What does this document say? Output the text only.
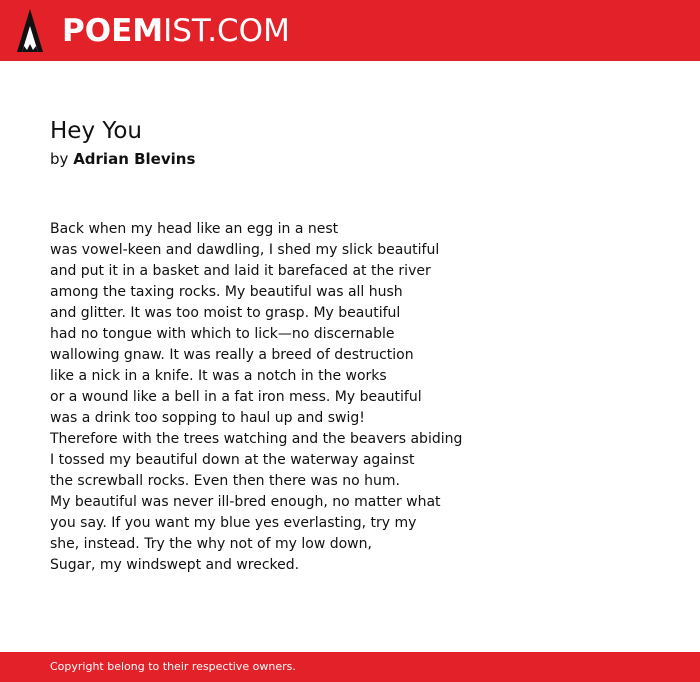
POEMIST.COM
Hey You
by Adrian Blevins
Back when my head like an egg in a nest
was vowel-keen and dawdling, I shed my slick beautiful
and put it in a basket and laid it barefaced at the river
among the taxing rocks. My beautiful was all hush
and glitter. It was too moist to grasp. My beautiful
had no tongue with which to lick—no discernable
wallowing gnaw. It was really a breed of destruction
like a nick in a knife. It was a notch in the works
or a wound like a bell in a fat iron mess. My beautiful
was a drink too sopping to haul up and swig!
Therefore with the trees watching and the beavers abiding
I tossed my beautiful down at the waterway against
the screwball rocks. Even then there was no hum.
My beautiful was never ill-bred enough, no matter what
you say. If you want my blue yes everlasting, try my
she, instead. Try the why not of my low down,
Sugar, my windswept and wrecked.
Copyright belong to their respective owners.
